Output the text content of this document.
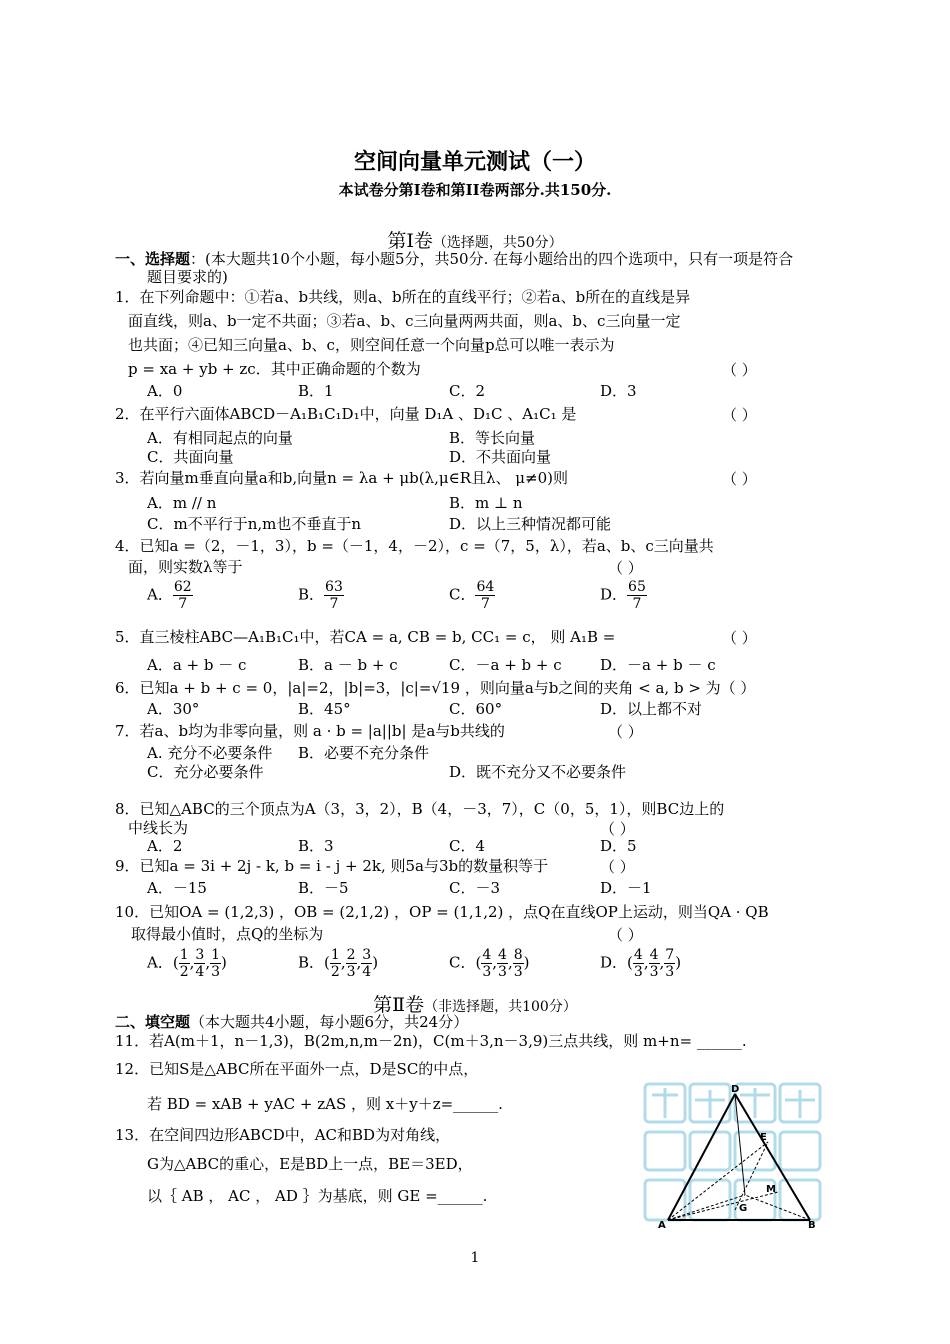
空间向量单元测试（一）
本试卷分第Ⅰ卷和第II卷两部分.共150分.
第Ⅰ卷（选择题，共50分）
一、选择题：(本大题共10个小题，每小题5分，共50分. 在每小题给出的四个选项中，只有一项是符合
题目要求的)
1．在下列命题中：①若a、b共线，则a、b所在的直线平行；②若a、b所在的直线是异
面直线，则a、b一定不共面；③若a、b、c三向量两两共面，则a、b、c三向量一定
也共面；④已知三向量a、b、c，则空间任意一个向量p总可以唯一表示为
p = xa + yb + zc．其中正确命题的个数为	（ ）
A．0	B．1	C．2	D．3
2．在平行六面体ABCD－A₁B₁C₁D₁中，向量 D₁A 、D₁C 、A₁C₁ 是	（ ）
A．有相同起点的向量	B．等长向量
C．共面向量	D．不共面向量
3．若向量m垂直向量a和b,向量n = λa + μb(λ,μ∈R且λ、 μ≠0)则	（ ）
A．m // n	B．m ⊥ n
C．m不平行于n,m也不垂直于n	D．以上三种情况都可能
4．已知a =（2，－1，3），b =（－1，4，－2），c =（7，5，λ），若a、b、c三向量共
面，则实数λ等于	（ ）
A． $\frac{62}{7}$	B． $\frac{63}{7}$	C． $\frac{64}{7}$	D． $\frac{65}{7}$
5．直三棱柱ABC—A₁B₁C₁中，若CA = a, CB = b, CC₁ = c， 则 A₁B =	（ ）
A．a + b － c	B．a － b + c	C．－a + b + c	D．－a + b － c
6．已知a + b + c = 0，|a|=2，|b|=3，|c|=√19 ，则向量a与b之间的夹角 < a, b > 为（ ）
A．30°	B．45°	C．60°	D．以上都不对
7．若a、b均为非零向量，则 a · b = |a||b| 是a与b共线的	（ ）
A. 充分不必要条件 B．必要不充分条件
C．充分必要条件	D．既不充分又不必要条件
8．已知△ABC的三个顶点为A（3，3，2），B（4，－3，7），C（0，5，1），则BC边上的
中线长为	（ ）
A．2	B．3	C．4	D．5
9．已知a = 3i + 2j - k, b = i - j + 2k, 则5a与3b的数量积等于	（ ）
A．－15	B．－5	C．－3	D．－1
10．已知OA = (1,2,3) ，OB = (2,1,2) ，OP = (1,1,2) ，点Q在直线OP上运动，则当QA · QB
取得最小值时，点Q的坐标为	（ ）
A．( $\frac{1}{2}$ , $\frac{3}{4}$ , $\frac{1}{3}$ )	B．( $\frac{1}{2}$ , $\frac{2}{3}$ , $\frac{3}{4}$ )	C．( $\frac{4}{3}$ , $\frac{4}{3}$ , $\frac{8}{3}$ )	D．( $\frac{4}{3}$ , $\frac{4}{3}$ , $\frac{7}{3}$ )
第Ⅱ卷（非选择题，共100分）
二、填空题（本大题共4小题，每小题6分，共24分）
11．若A(m＋1，n－1,3)，B(2m,n,m－2n)，C(m＋3,n－3,9)三点共线，则 m+n= ______.
12．已知S是△ABC所在平面外一点，D是SC的中点，
若 BD = xAB + yAC + zAS ，则 x＋y＋z=______.
13．在空间四边形ABCD中，AC和BD为对角线，
G为△ABC的重心，E是BD上一点，BE＝3ED，
以｛ AB ， AC ， AD ｝为基底，则 GE =______.
D
E
M
G
A	B
1
